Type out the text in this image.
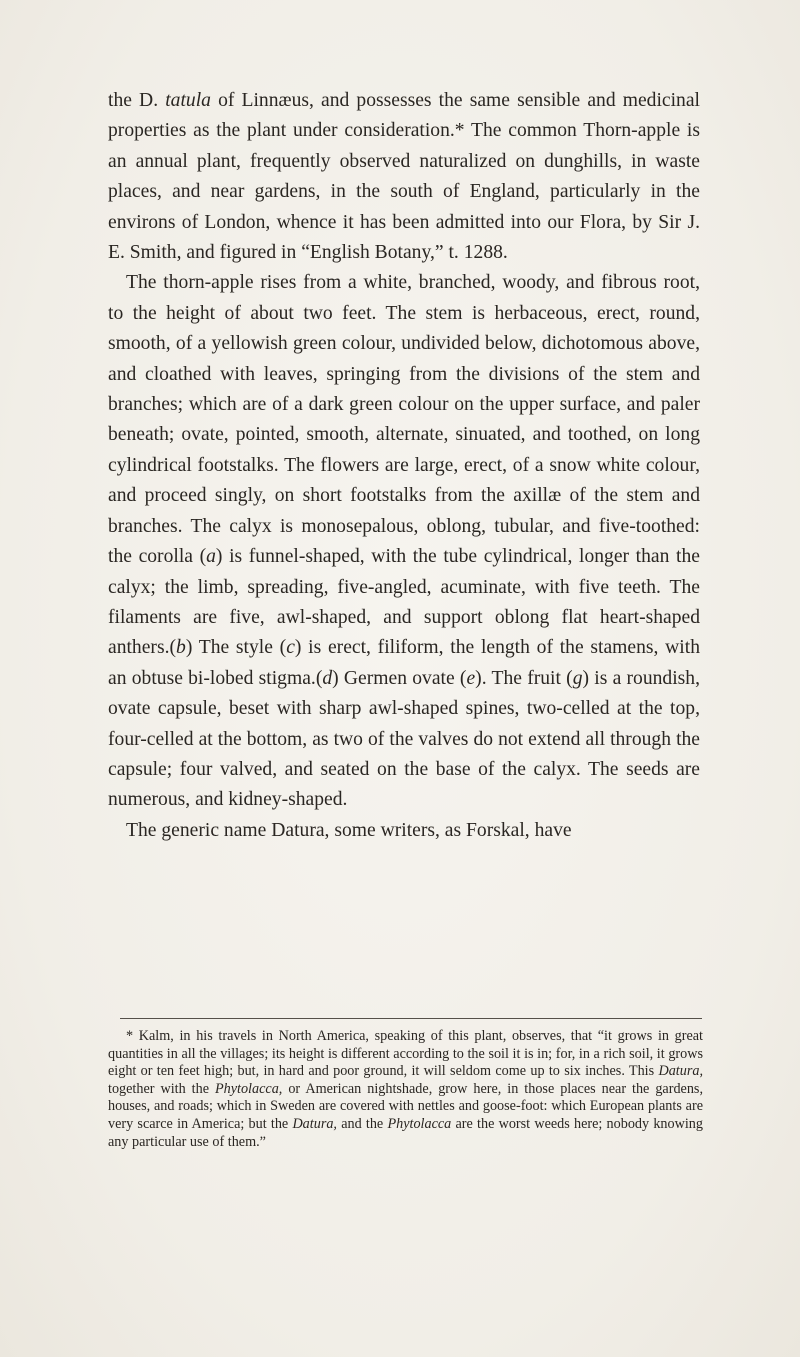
the D. tatula of Linnæus, and possesses the same sensible and medicinal properties as the plant under consideration.* The common Thorn-apple is an annual plant, frequently observed naturalized on dunghills, in waste places, and near gardens, in the south of England, particularly in the environs of London, whence it has been admitted into our Flora, by Sir J. E. Smith, and figured in “English Botany,” t. 1288.

The thorn-apple rises from a white, branched, woody, and fibrous root, to the height of about two feet. The stem is herbaceous, erect, round, smooth, of a yellowish green colour, undivided below, dichotomous above, and cloathed with leaves, springing from the divisions of the stem and branches; which are of a dark green colour on the upper surface, and paler beneath; ovate, pointed, smooth, alternate, sinuated, and toothed, on long cylindrical footstalks. The flowers are large, erect, of a snow white colour, and proceed singly, on short footstalks from the axillæ of the stem and branches. The calyx is monosepalous, oblong, tubular, and five-toothed: the corolla (a) is funnel-shaped, with the tube cylindrical, longer than the calyx; the limb, spreading, five-angled, acuminate, with five teeth. The filaments are five, awl-shaped, and support oblong flat heart-shaped anthers.(b) The style (c) is erect, filiform, the length of the stamens, with an obtuse bi-lobed stigma.(d) Germen ovate (e). The fruit (g) is a roundish, ovate capsule, beset with sharp awl-shaped spines, two-celled at the top, four-celled at the bottom, as two of the valves do not extend all through the capsule; four valved, and seated on the base of the calyx. The seeds are numerous, and kidney-shaped.

The generic name Datura, some writers, as Forskal, have

* Kalm, in his travels in North America, speaking of this plant, observes, that “it grows in great quantities in all the villages; its height is different according to the soil it is in; for, in a rich soil, it grows eight or ten feet high; but, in hard and poor ground, it will seldom come up to six inches. This Datura, together with the Phytolacca, or American nightshade, grow here, in those places near the gardens, houses, and roads; which in Sweden are covered with nettles and goose-foot: which European plants are very scarce in America; but the Datura, and the Phytolacca are the worst weeds here; nobody knowing any particular use of them.”
